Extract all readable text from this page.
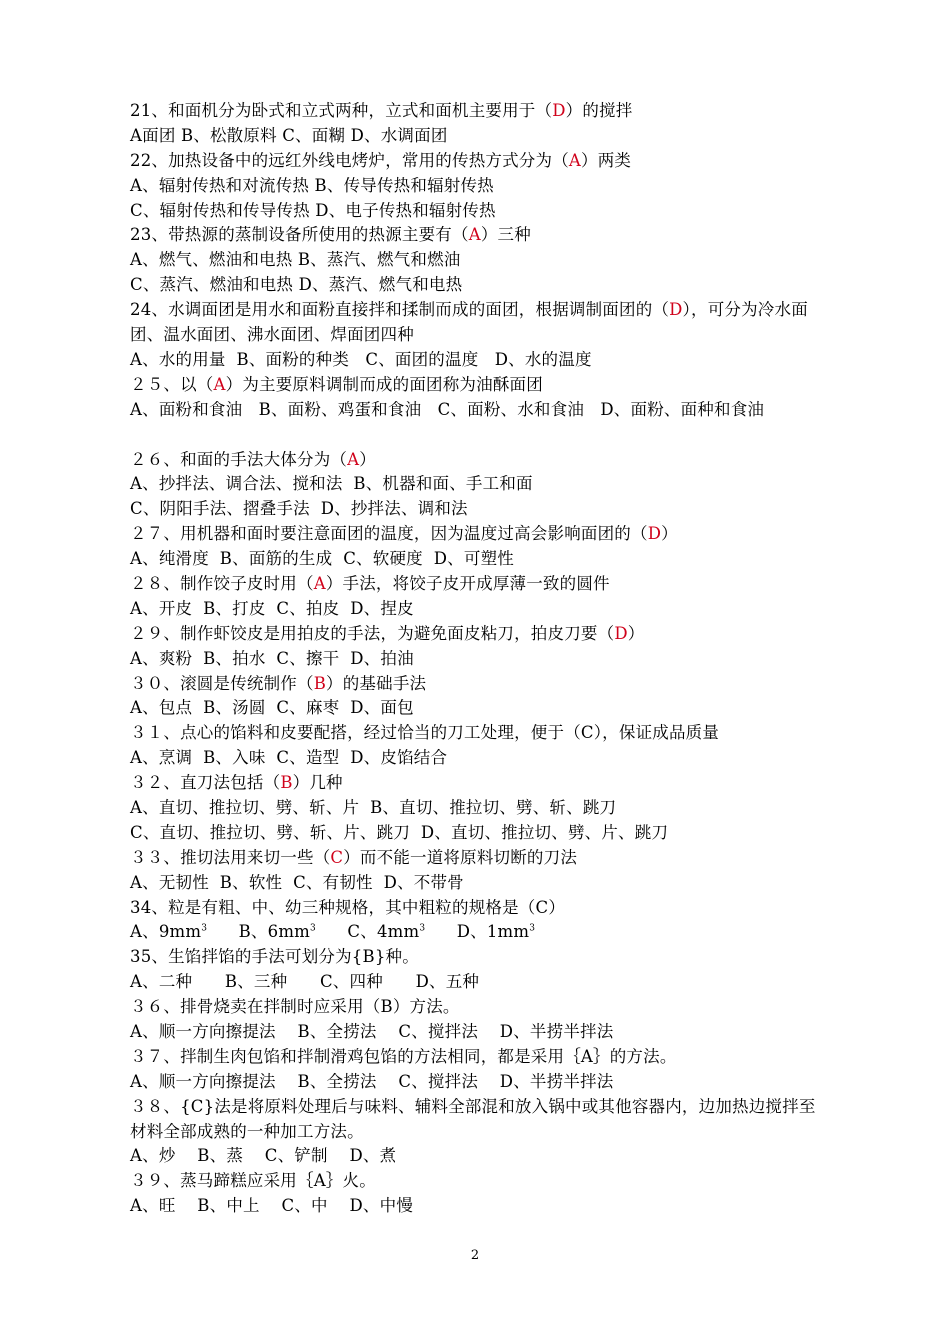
21、和面机分为卧式和立式两种，立式和面机主要用于（D）的搅拌
A面团 B、松散原料 C、面糊 D、水调面团
22、加热设备中的远红外线电烤炉，常用的传热方式分为（A）两类
A、辐射传热和对流传热 B、传导传热和辐射传热
C、辐射传热和传导传热 D、电子传热和辐射传热
23、带热源的蒸制设备所使用的热源主要有（A）三种
A、燃气、燃油和电热 B、蒸汽、燃气和燃油
C、蒸汽、燃油和电热 D、蒸汽、燃气和电热
24、水调面团是用水和面粉直接拌和揉制而成的面团，根据调制面团的（D），可分为冷水面团、温水面团、沸水面团、焊面团四种
A、水的用量  B、面粉的种类   C、面团的温度   D、水的温度
２５、以（A）为主要原料调制而成的面团称为油酥面团
A、面粉和食油   B、面粉、鸡蛋和食油   C、面粉、水和食油   D、面粉、面种和食油
２６、和面的手法大体分为（A）
A、抄拌法、调合法、搅和法  B、机器和面、手工和面
C、阴阳手法、摺叠手法  D、抄拌法、调和法
２７、用机器和面时要注意面团的温度，因为温度过高会影响面团的（D）
A、纯滑度  B、面筋的生成  C、软硬度  D、可塑性
２８、制作饺子皮时用（A）手法，将饺子皮开成厚薄一致的圆件
A、开皮  B、打皮  C、拍皮  D、捏皮
２９、制作虾饺皮是用拍皮的手法，为避免面皮粘刀，拍皮刀要（D）
A、爽粉  B、拍水  C、擦干  D、拍油
３０、滚圆是传统制作（B）的基础手法
A、包点  B、汤圆  C、麻枣  D、面包
３１、点心的馅料和皮要配搭，经过恰当的刀工处理，便于（C），保证成品质量
A、烹调  B、入味  C、造型  D、皮馅结合
３２、直刀法包括（B）几种
A、直切、推拉切、劈、斩、片  B、直切、推拉切、劈、斩、跳刀
C、直切、推拉切、劈、斩、片、跳刀  D、直切、推拉切、劈、片、跳刀
３３、推切法用来切一些（C）而不能一道将原料切断的刀法
A、无韧性  B、软性  C、有韧性  D、不带骨
34、粒是有粗、中、幼三种规格，其中粗粒的规格是（C）
A、$9mm^3$ B、$6mm^3$ C、$4mm^3$ D、$1mm^3$
35、生馅拌馅的手法可划分为{B}种。
A、二种      B、三种      C、四种      D、五种
３６、排骨烧卖在拌制时应采用（B）方法。
A、顺一方向擦提法    B、全捞法    C、搅拌法    D、半捞半拌法
３７、拌制生肉包馅和拌制滑鸡包馅的方法相同，都是采用｛A｝的方法。
A、顺一方向擦提法    B、全捞法    C、搅拌法    D、半捞半拌法
３８、{C}法是将原料处理后与味料、辅料全部混和放入锅中或其他容器内，边加热边搅拌至材料全部成熟的一种加工方法。
A、炒    B、蒸    C、铲制    D、煮
３９、蒸马蹄糕应采用｛A｝火。
A、旺    B、中上    C、中    D、中慢
2
